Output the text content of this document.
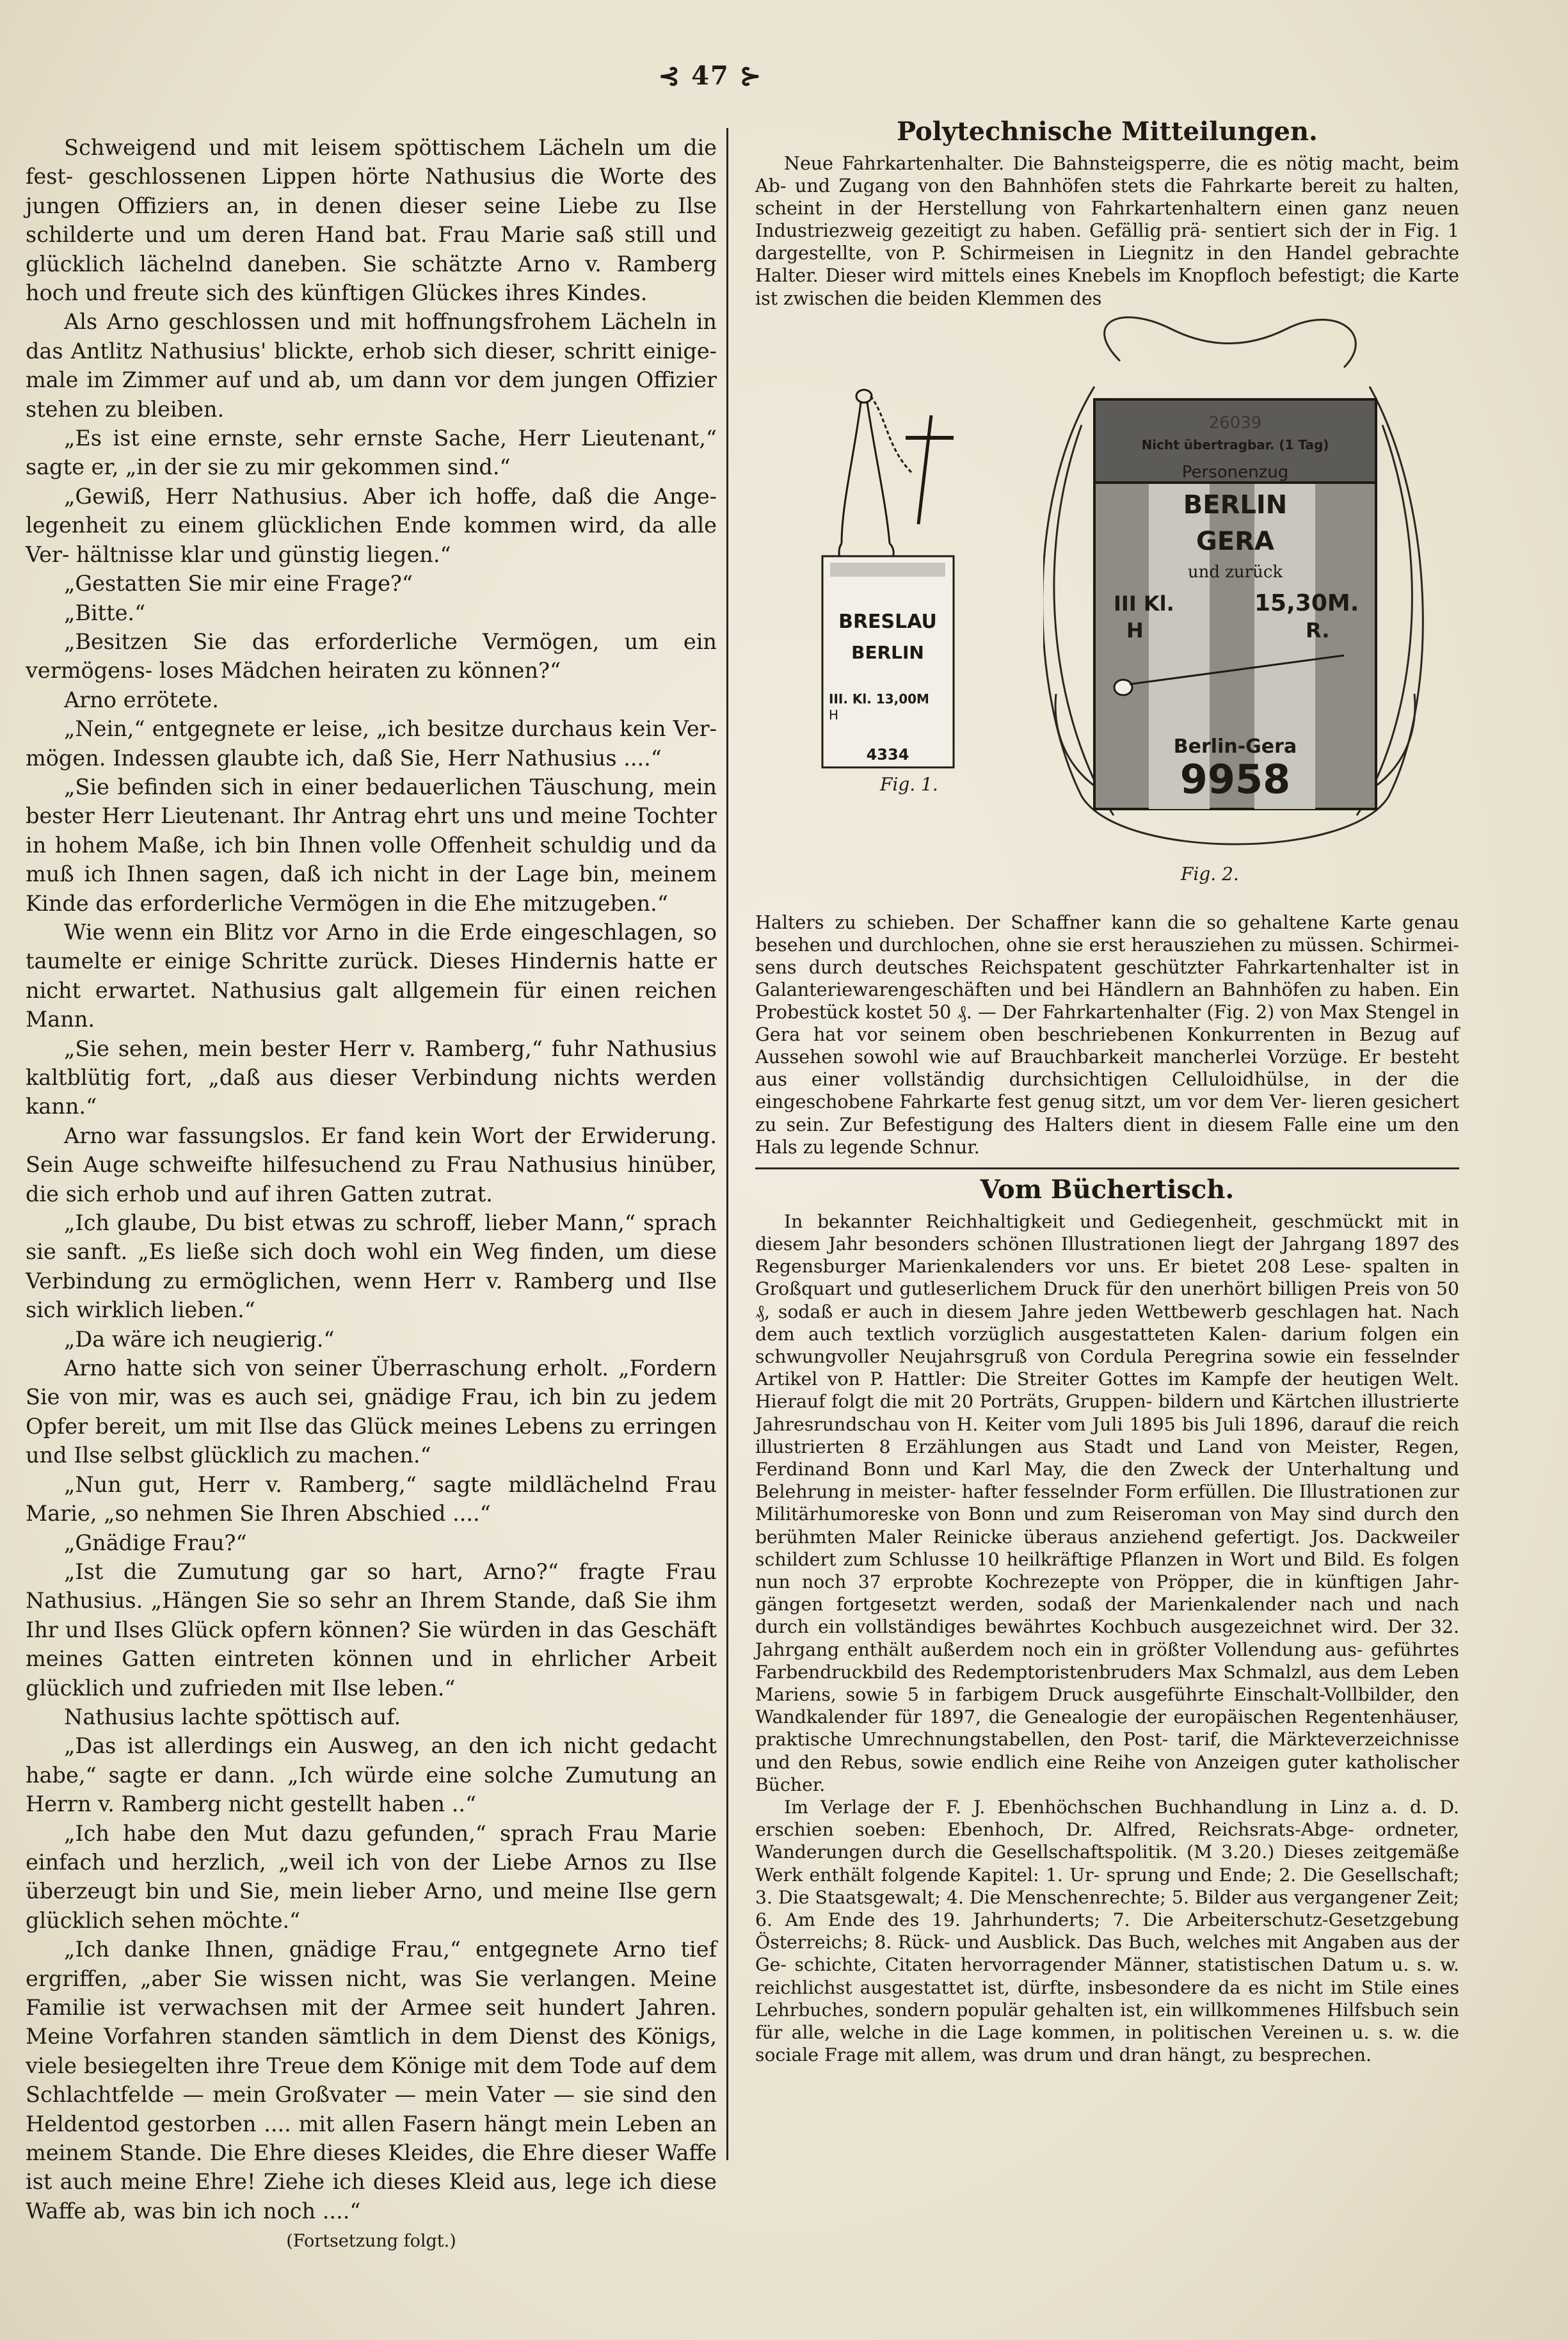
⊰ 47 ⊱

Schweigend und mit leisem spöttischem Lächeln um die fest- geschlossenen Lippen hörte Nathusius die Worte des jungen Offiziers an, in denen dieser seine Liebe zu Ilse schilderte und um deren Hand bat. Frau Marie saß still und glücklich lächelnd daneben. Sie schätzte Arno v. Ramberg hoch und freute sich des künftigen Glückes ihres Kindes.

Als Arno geschlossen und mit hoffnungsfrohem Lächeln in das Antlitz Nathusius' blickte, erhob sich dieser, schritt einige- male im Zimmer auf und ab, um dann vor dem jungen Offizier stehen zu bleiben.

„Es ist eine ernste, sehr ernste Sache, Herr Lieutenant,“ sagte er, „in der sie zu mir gekommen sind.“

„Gewiß, Herr Nathusius. Aber ich hoffe, daß die Ange- legenheit zu einem glücklichen Ende kommen wird, da alle Ver- hältnisse klar und günstig liegen.“

„Gestatten Sie mir eine Frage?“

„Bitte.“

„Besitzen Sie das erforderliche Vermögen, um ein vermögens- loses Mädchen heiraten zu können?“

Arno errötete.

„Nein,“ entgegnete er leise, „ich besitze durchaus kein Ver- mögen. Indessen glaubte ich, daß Sie, Herr Nathusius ....“

„Sie befinden sich in einer bedauerlichen Täuschung, mein bester Herr Lieutenant. Ihr Antrag ehrt uns und meine Tochter in hohem Maße, ich bin Ihnen volle Offenheit schuldig und da muß ich Ihnen sagen, daß ich nicht in der Lage bin, meinem Kinde das erforderliche Vermögen in die Ehe mitzugeben.“

Wie wenn ein Blitz vor Arno in die Erde eingeschlagen, so taumelte er einige Schritte zurück. Dieses Hindernis hatte er nicht erwartet. Nathusius galt allgemein für einen reichen Mann.

„Sie sehen, mein bester Herr v. Ramberg,“ fuhr Nathusius kaltblütig fort, „daß aus dieser Verbindung nichts werden kann.“

Arno war fassungslos. Er fand kein Wort der Erwiderung. Sein Auge schweifte hilfesuchend zu Frau Nathusius hinüber, die sich erhob und auf ihren Gatten zutrat.

„Ich glaube, Du bist etwas zu schroff, lieber Mann,“ sprach sie sanft. „Es ließe sich doch wohl ein Weg finden, um diese Verbindung zu ermöglichen, wenn Herr v. Ramberg und Ilse sich wirklich lieben.“

„Da wäre ich neugierig.“

Arno hatte sich von seiner Überraschung erholt. „Fordern Sie von mir, was es auch sei, gnädige Frau, ich bin zu jedem Opfer bereit, um mit Ilse das Glück meines Lebens zu erringen und Ilse selbst glücklich zu machen.“

„Nun gut, Herr v. Ramberg,“ sagte mildlächelnd Frau Marie, „so nehmen Sie Ihren Abschied ....“

„Gnädige Frau?“

„Ist die Zumutung gar so hart, Arno?“ fragte Frau Nathusius. „Hängen Sie so sehr an Ihrem Stande, daß Sie ihm Ihr und Ilses Glück opfern können? Sie würden in das Geschäft meines Gatten eintreten können und in ehrlicher Arbeit glücklich und zufrieden mit Ilse leben.“

Nathusius lachte spöttisch auf.

„Das ist allerdings ein Ausweg, an den ich nicht gedacht habe,“ sagte er dann. „Ich würde eine solche Zumutung an Herrn v. Ramberg nicht gestellt haben ..“

„Ich habe den Mut dazu gefunden,“ sprach Frau Marie einfach und herzlich, „weil ich von der Liebe Arnos zu Ilse überzeugt bin und Sie, mein lieber Arno, und meine Ilse gern glücklich sehen möchte.“

„Ich danke Ihnen, gnädige Frau,“ entgegnete Arno tief ergriffen, „aber Sie wissen nicht, was Sie verlangen. Meine Familie ist verwachsen mit der Armee seit hundert Jahren. Meine Vorfahren standen sämtlich in dem Dienst des Königs, viele besiegelten ihre Treue dem Könige mit dem Tode auf dem Schlachtfelde — mein Großvater — mein Vater — sie sind den Heldentod gestorben .... mit allen Fasern hängt mein Leben an meinem Stande. Die Ehre dieses Kleides, die Ehre dieser Waffe ist auch meine Ehre! Ziehe ich dieses Kleid aus, lege ich diese Waffe ab, was bin ich noch ....“

(Fortsetzung folgt.)

Polytechnische Mitteilungen.

Neue Fahrkartenhalter. Die Bahnsteigsperre, die es nötig macht, beim Ab- und Zugang von den Bahnhöfen stets die Fahrkarte bereit zu halten, scheint in der Herstellung von Fahrkartenhaltern einen ganz neuen Industriezweig gezeitigt zu haben. Gefällig prä- sentiert sich der in Fig. 1 dargestellte, von P. Schirmeisen in Liegnitz in den Handel gebrachte Halter. Dieser wird mittels eines Knebels im Knopfloch befestigt; die Karte ist zwischen die beiden Klemmen des

BRESLAU
BERLIN
III. Kl. 13,00M
H
4334
Fig. 1.
26039
Nicht übertragbar. (1 Tag)
Personenzug
BERLIN
GERA
und zurück
III Kl.	15,30M.
H	R.
Berlin-Gera
9958
Fig. 2.

Halters zu schieben. Der Schaffner kann die so gehaltene Karte genau besehen und durchlochen, ohne sie erst herausziehen zu müssen. Schirmei- sens durch deutsches Reichspatent geschützter Fahrkartenhalter ist in Galanteriewarengeschäften und bei Händlern an Bahnhöfen zu haben. Ein Probestück kostet 50 ₰. — Der Fahrkartenhalter (Fig. 2) von Max Stengel in Gera hat vor seinem oben beschriebenen Konkurrenten in Bezug auf Aussehen sowohl wie auf Brauchbarkeit mancherlei Vorzüge. Er besteht aus einer vollständig durchsichtigen Celluloidhülse, in der die eingeschobene Fahrkarte fest genug sitzt, um vor dem Ver- lieren gesichert zu sein. Zur Befestigung des Halters dient in diesem Falle eine um den Hals zu legende Schnur.

Vom Büchertisch.

In bekannter Reichhaltigkeit und Gediegenheit, geschmückt mit in diesem Jahr besonders schönen Illustrationen liegt der Jahrgang 1897 des Regensburger Marienkalenders vor uns. Er bietet 208 Lese- spalten in Großquart und gutleserlichem Druck für den unerhört billigen Preis von 50 ₰, sodaß er auch in diesem Jahre jeden Wettbewerb geschlagen hat. Nach dem auch textlich vorzüglich ausgestatteten Kalen- darium folgen ein schwungvoller Neujahrsgruß von Cordula Peregrina sowie ein fesselnder Artikel von P. Hattler: Die Streiter Gottes im Kampfe der heutigen Welt. Hierauf folgt die mit 20 Porträts, Gruppen- bildern und Kärtchen illustrierte Jahresrundschau von H. Keiter vom Juli 1895 bis Juli 1896, darauf die reich illustrierten 8 Erzählungen aus Stadt und Land von Meister, Regen, Ferdinand Bonn und Karl May, die den Zweck der Unterhaltung und Belehrung in meister- hafter fesselnder Form erfüllen. Die Illustrationen zur Militärhumoreske von Bonn und zum Reiseroman von May sind durch den berühmten Maler Reinicke überaus anziehend gefertigt. Jos. Dackweiler schildert zum Schlusse 10 heilkräftige Pflanzen in Wort und Bild. Es folgen nun noch 37 erprobte Kochrezepte von Pröpper, die in künftigen Jahr- gängen fortgesetzt werden, sodaß der Marienkalender nach und nach durch ein vollständiges bewährtes Kochbuch ausgezeichnet wird. Der 32. Jahrgang enthält außerdem noch ein in größter Vollendung aus- geführtes Farbendruckbild des Redemptoristenbruders Max Schmalzl, aus dem Leben Mariens, sowie 5 in farbigem Druck ausgeführte Einschalt-Vollbilder, den Wandkalender für 1897, die Genealogie der europäischen Regentenhäuser, praktische Umrechnungstabellen, den Post- tarif, die Märkteverzeichnisse und den Rebus, sowie endlich eine Reihe von Anzeigen guter katholischer Bücher.

Im Verlage der F. J. Ebenhöchschen Buchhandlung in Linz a. d. D. erschien soeben: Ebenhoch, Dr. Alfred, Reichsrats-Abge- ordneter, Wanderungen durch die Gesellschaftspolitik. (M 3.20.) Dieses zeitgemäße Werk enthält folgende Kapitel: 1. Ur- sprung und Ende; 2. Die Gesellschaft; 3. Die Staatsgewalt; 4. Die Menschenrechte; 5. Bilder aus vergangener Zeit; 6. Am Ende des 19. Jahrhunderts; 7. Die Arbeiterschutz-Gesetzgebung Österreichs; 8. Rück- und Ausblick. Das Buch, welches mit Angaben aus der Ge- schichte, Citaten hervorragender Männer, statistischen Datum u. s. w. reichlichst ausgestattet ist, dürfte, insbesondere da es nicht im Stile eines Lehrbuches, sondern populär gehalten ist, ein willkommenes Hilfsbuch sein für alle, welche in die Lage kommen, in politischen Vereinen u. s. w. die sociale Frage mit allem, was drum und dran hängt, zu besprechen.
